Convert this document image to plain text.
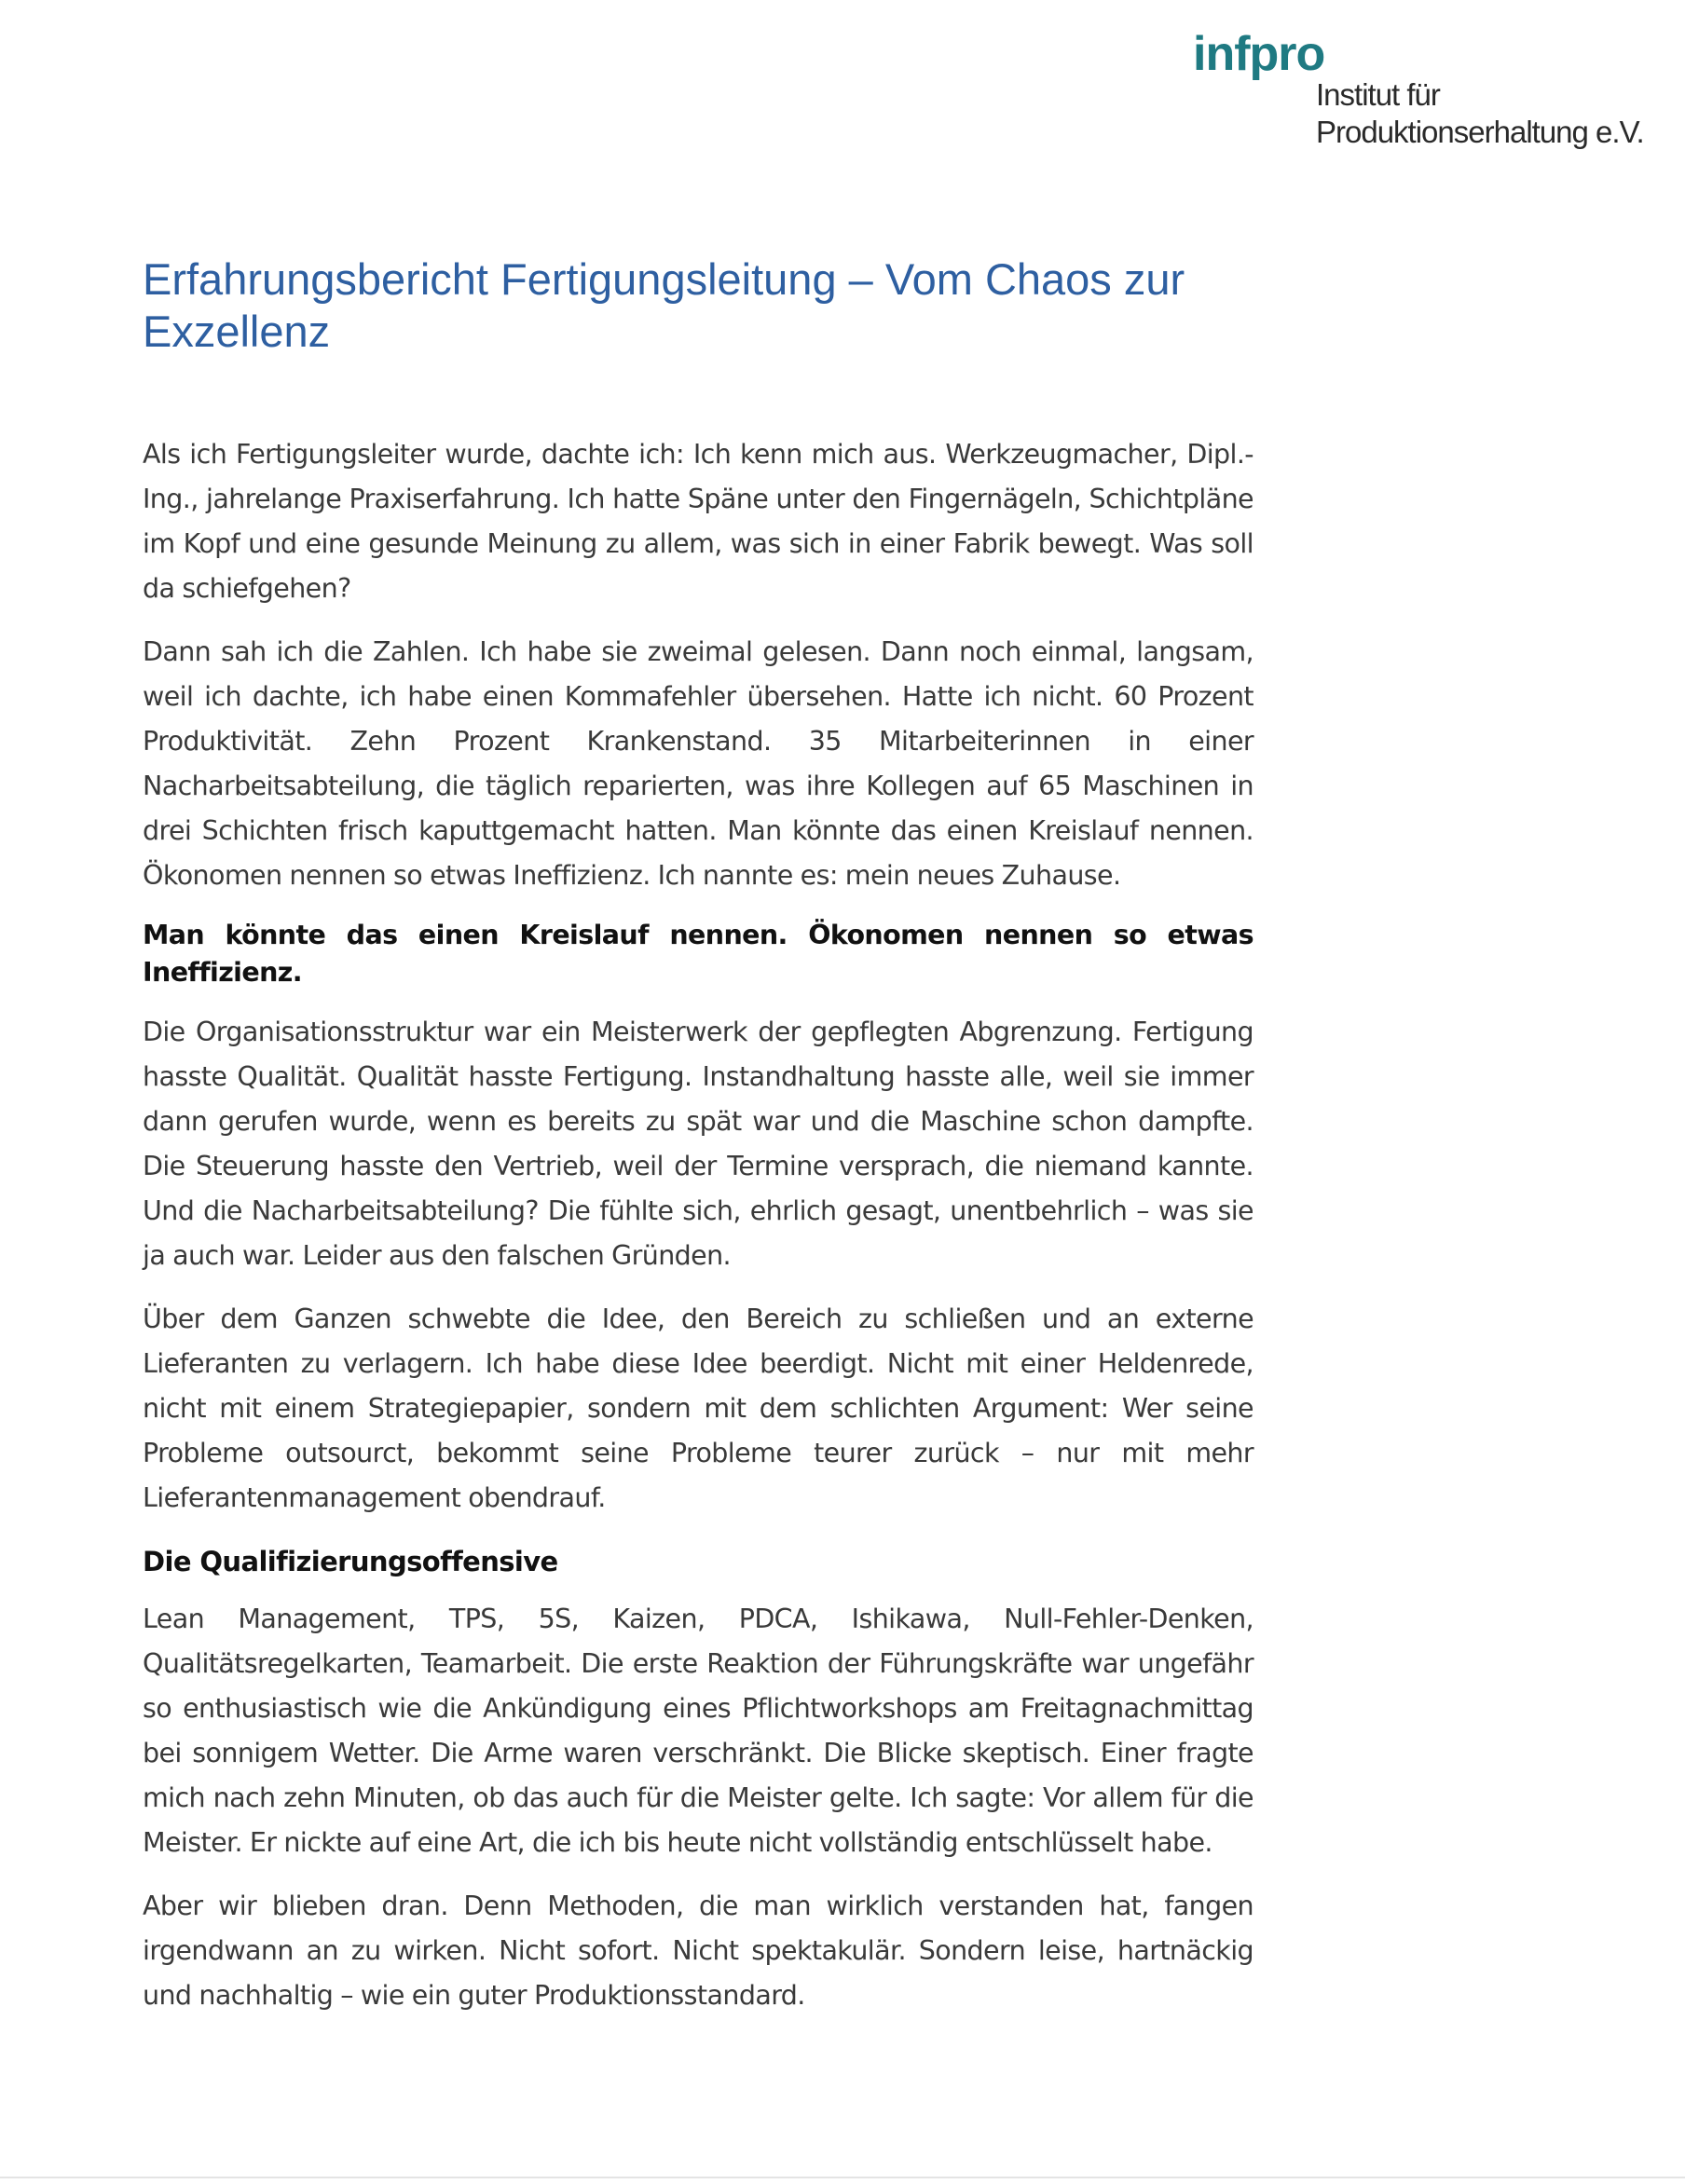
infpro
Institut für
Produktionserhaltung e.V.
Erfahrungsbericht Fertigungsleitung – Vom Chaos zur Exzellenz

Als ich Fertigungsleiter wurde, dachte ich: Ich kenn mich aus. Werkzeugmacher, Dipl.-Ing., jahrelange Praxiserfahrung. Ich hatte Späne unter den Fingernägeln, Schichtpläne im Kopf und eine gesunde Meinung zu allem, was sich in einer Fabrik bewegt. Was soll da schiefgehen?

Dann sah ich die Zahlen. Ich habe sie zweimal gelesen. Dann noch einmal, langsam, weil ich dachte, ich habe einen Kommafehler übersehen. Hatte ich nicht. 60 Prozent Produktivität. Zehn Prozent Krankenstand. 35 Mitarbeiterinnen in einer Nacharbeitsabteilung, die täglich reparierten, was ihre Kollegen auf 65 Maschinen in drei Schichten frisch kaputtgemacht hatten. Man könnte das einen Kreislauf nennen. Ökonomen nennen so etwas Ineffizienz. Ich nannte es: mein neues Zuhause.

Man könnte das einen Kreislauf nennen. Ökonomen nennen so etwas Ineffizienz.

Die Organisationsstruktur war ein Meisterwerk der gepflegten Abgrenzung. Fertigung hasste Qualität. Qualität hasste Fertigung. Instandhaltung hasste alle, weil sie immer dann gerufen wurde, wenn es bereits zu spät war und die Maschine schon dampfte. Die Steuerung hasste den Vertrieb, weil der Termine versprach, die niemand kannte. Und die Nacharbeitsabteilung? Die fühlte sich, ehrlich gesagt, unentbehrlich – was sie ja auch war. Leider aus den falschen Gründen.

Über dem Ganzen schwebte die Idee, den Bereich zu schließen und an externe Lieferanten zu verlagern. Ich habe diese Idee beerdigt. Nicht mit einer Heldenrede, nicht mit einem Strategiepapier, sondern mit dem schlichten Argument: Wer seine Probleme outsourct, bekommt seine Probleme teurer zurück – nur mit mehr Lieferantenmanagement obendrauf.

Die Qualifizierungsoffensive

Lean Management, TPS, 5S, Kaizen, PDCA, Ishikawa, Null-Fehler-Denken, Qualitätsregelkarten, Teamarbeit. Die erste Reaktion der Führungskräfte war ungefähr so enthusiastisch wie die Ankündigung eines Pflichtworkshops am Freitagnachmittag bei sonnigem Wetter. Die Arme waren verschränkt. Die Blicke skeptisch. Einer fragte mich nach zehn Minuten, ob das auch für die Meister gelte. Ich sagte: Vor allem für die Meister. Er nickte auf eine Art, die ich bis heute nicht vollständig entschlüsselt habe.

Aber wir blieben dran. Denn Methoden, die man wirklich verstanden hat, fangen irgendwann an zu wirken. Nicht sofort. Nicht spektakulär. Sondern leise, hartnäckig und nachhaltig – wie ein guter Produktionsstandard.
